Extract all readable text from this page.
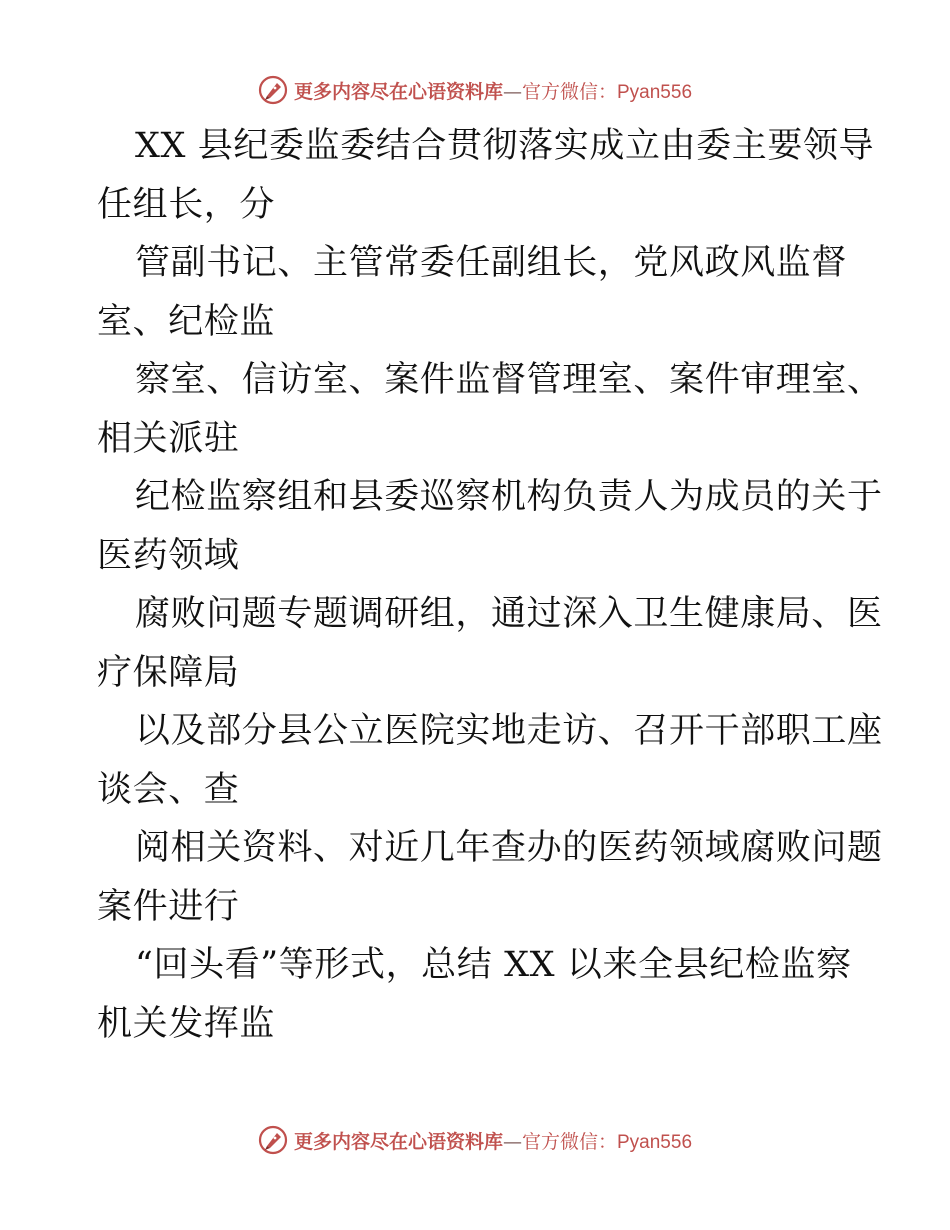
更多内容尽在心语资料库—官方微信：Pyan556
XX 县纪委监委结合贯彻落实成立由委主要领导
任组长，分
管副书记、主管常委任副组长，党风政风监督
室、纪检监
察室、信访室、案件监督管理室、案件审理室、
相关派驻
纪检监察组和县委巡察机构负责人为成员的关于
医药领域
腐败问题专题调研组，通过深入卫生健康局、医
疗保障局
以及部分县公立医院实地走访、召开干部职工座
谈会、查
阅相关资料、对近几年查办的医药领域腐败问题
案件进行
“回头看”等形式，总结 XX 以来全县纪检监察
机关发挥监
更多内容尽在心语资料库—官方微信：Pyan556
